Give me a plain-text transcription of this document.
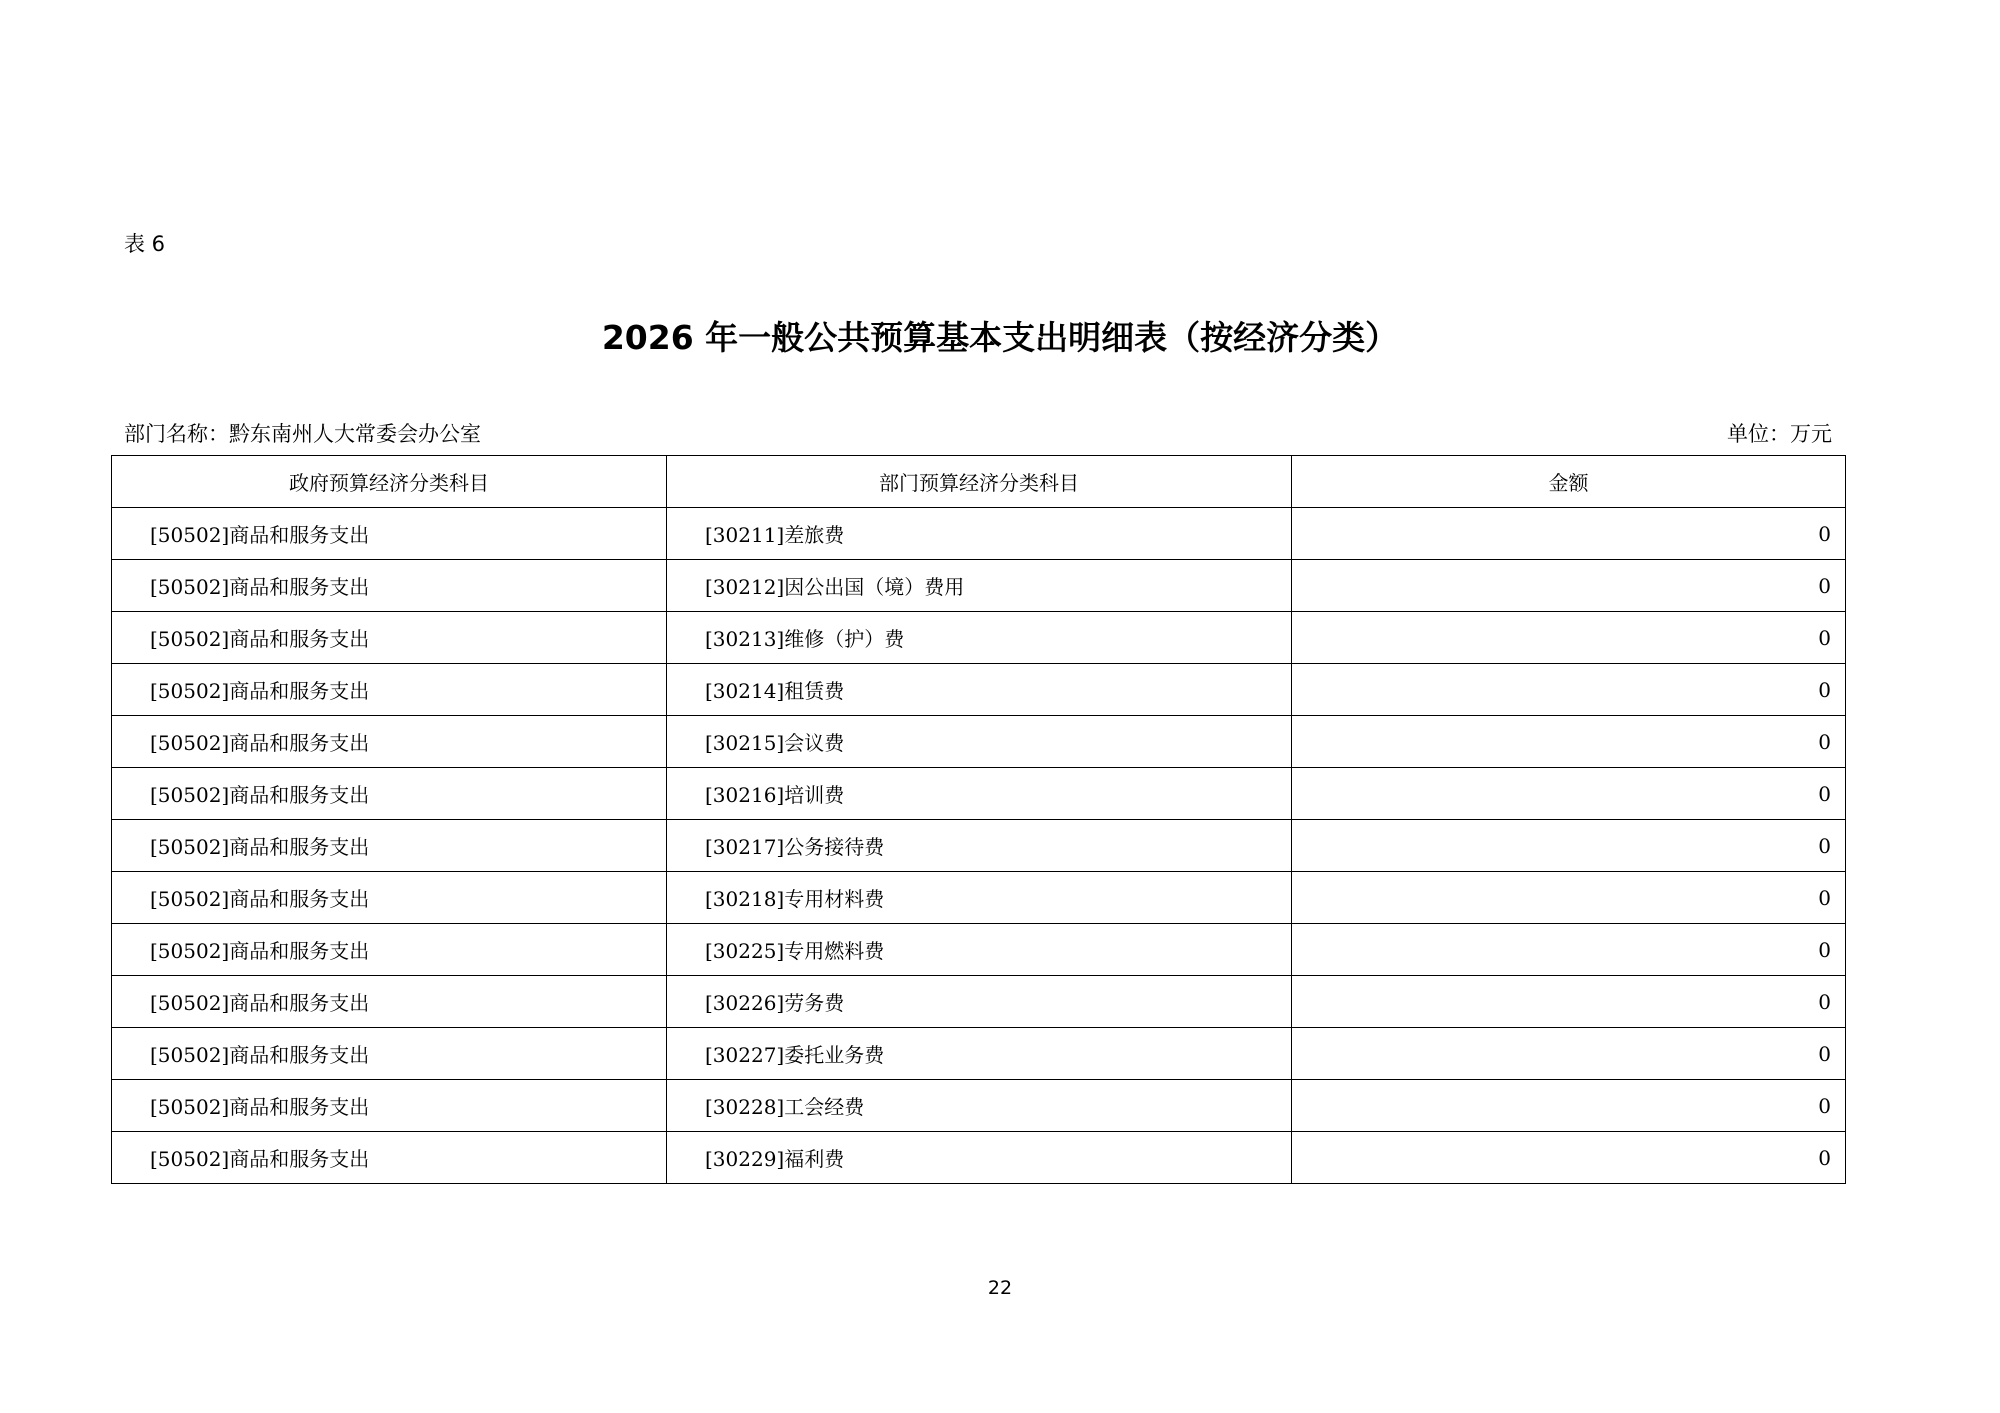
表 6
2026 年一般公共预算基本支出明细表（按经济分类）
部门名称：黔东南州人大常委会办公室	单位：万元
政府预算经济分类科目	部门预算经济分类科目	金额
[50502]商品和服务支出	[30211]差旅费	0
[50502]商品和服务支出	[30212]因公出国（境）费用	0
[50502]商品和服务支出	[30213]维修（护）费	0
[50502]商品和服务支出	[30214]租赁费	0
[50502]商品和服务支出	[30215]会议费	0
[50502]商品和服务支出	[30216]培训费	0
[50502]商品和服务支出	[30217]公务接待费	0
[50502]商品和服务支出	[30218]专用材料费	0
[50502]商品和服务支出	[30225]专用燃料费	0
[50502]商品和服务支出	[30226]劳务费	0
[50502]商品和服务支出	[30227]委托业务费	0
[50502]商品和服务支出	[30228]工会经费	0
[50502]商品和服务支出	[30229]福利费	0
22
